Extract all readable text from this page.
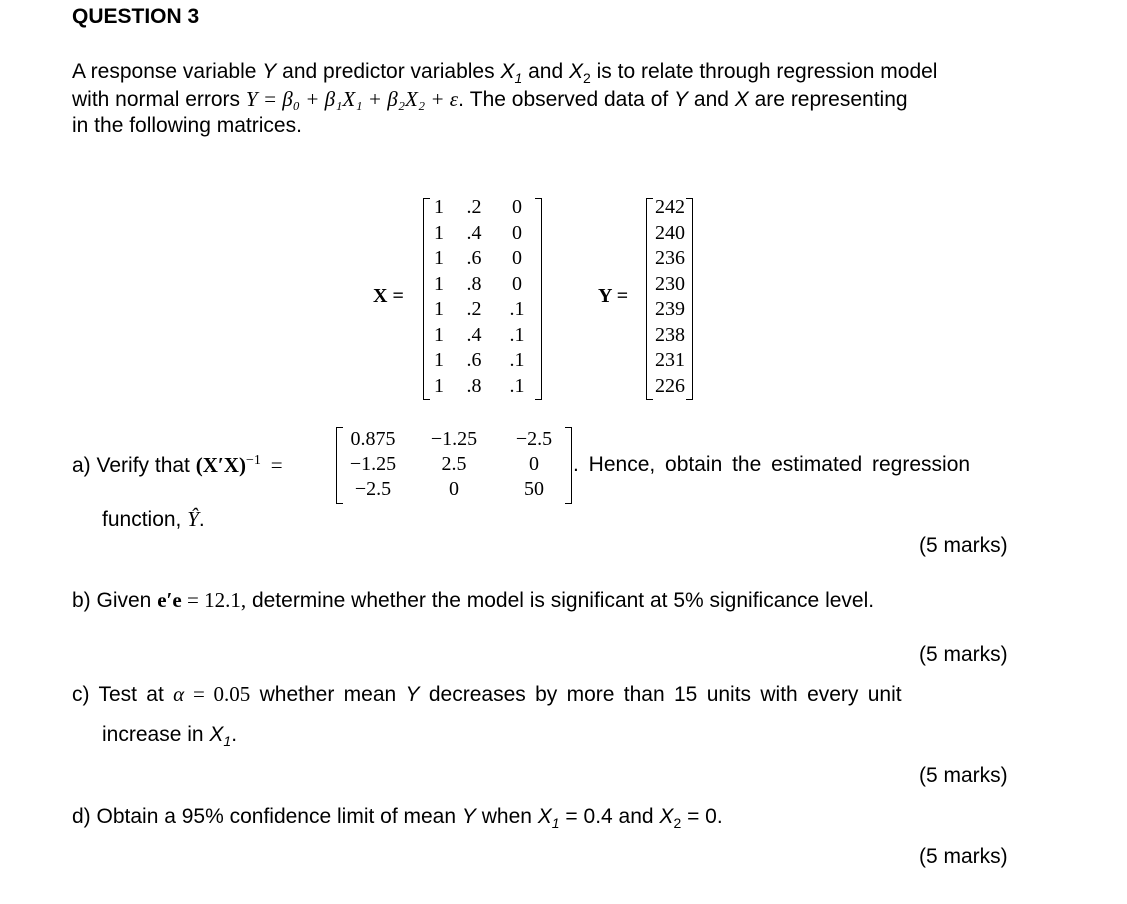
QUESTION 3
A response variable Y and predictor variables $X_1$ and $X_2$ is to relate through regression model
with normal errors Y = β₀ + β₁X₁ + β₂X₂ + ε. The observed data of Y and X are representing
in the following matrices.
X =
1	.2	0
1	.4	0
1	.6	0
1	.8	0
1	.2	.1
1	.4	.1
1	.6	.1
1	.8	.1
Y =
242
240
236
230
239
238
231
226
a) Verify that $(X'X)^{-1}$ =
0.875	−1.25	−2.5
−1.25	2.5	0
−2.5	0	50
. Hence, obtain the estimated regression
function, Ŷ.
(5 marks)
b) Given e′e = 12.1, determine whether the model is significant at 5% significance level.
(5 marks)
c) Test at α = 0.05 whether mean Y decreases by more than 15 units with every unit
increase in $X_1$.
(5 marks)
d) Obtain a 95% confidence limit of mean Y when $X_1 = 0.4$ and $X_2 = 0$.
(5 marks)
